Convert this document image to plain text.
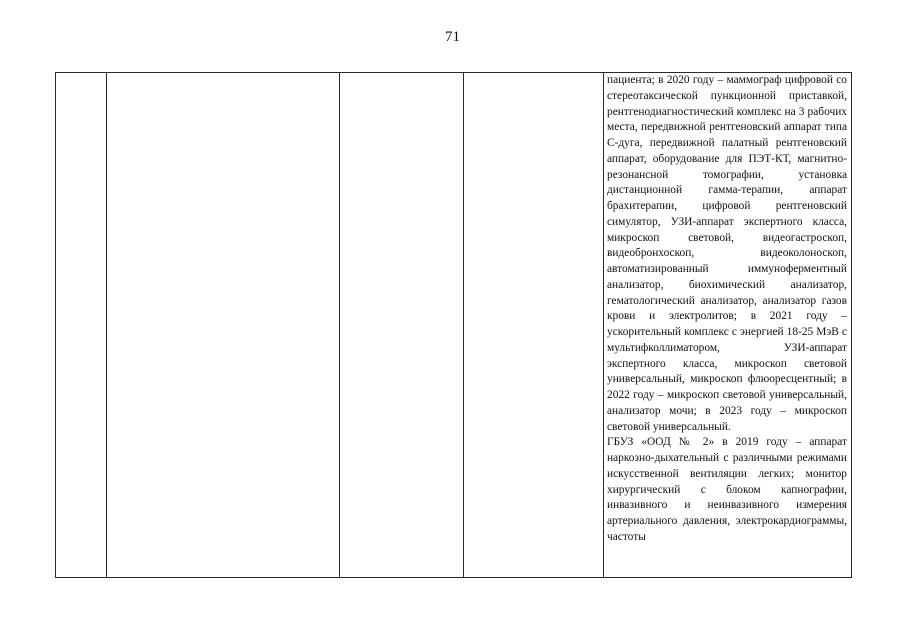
71

пациента; в 2020 году – маммограф цифровой со стереотаксической пункционной приставкой, рентгенодиагностический комплекс на 3 рабочих места, передвижной рентгеновский аппарат типа С-дуга, передвижной палатный рентгеновский аппарат, оборудование для ПЭТ-КТ, магнитно-резонансной томографии, установка дистанционной гамма-терапии, аппарат брахитерапии, цифровой рентгеновский симулятор, УЗИ-аппарат экспертного класса, микроскоп световой, видеогастроскоп, видеобронхоскоп, видеоколоноскоп, автоматизированный иммуноферментный анализатор, биохимический анализатор, гематологический анализатор, анализатор газов крови и электролитов; в 2021 году – ускорительный комплекс с энергией 18-25 МэВ с мультифколлиматором, УЗИ-аппарат экспертного класса, микроскоп световой универсальный, микроскоп флюоресцентный; в 2022 году – микроскоп световой универсальный, анализатор мочи; в 2023 году – микроскоп световой универсальный.

ГБУЗ «ООД № 2» в 2019 году – аппарат наркозно-дыхательный с различными режимами искусственной вентиляции легких; монитор хирургический с блоком капнографии, инвазивного и неинвазивного измерения артериального давления, электрокардиограммы, частоты
